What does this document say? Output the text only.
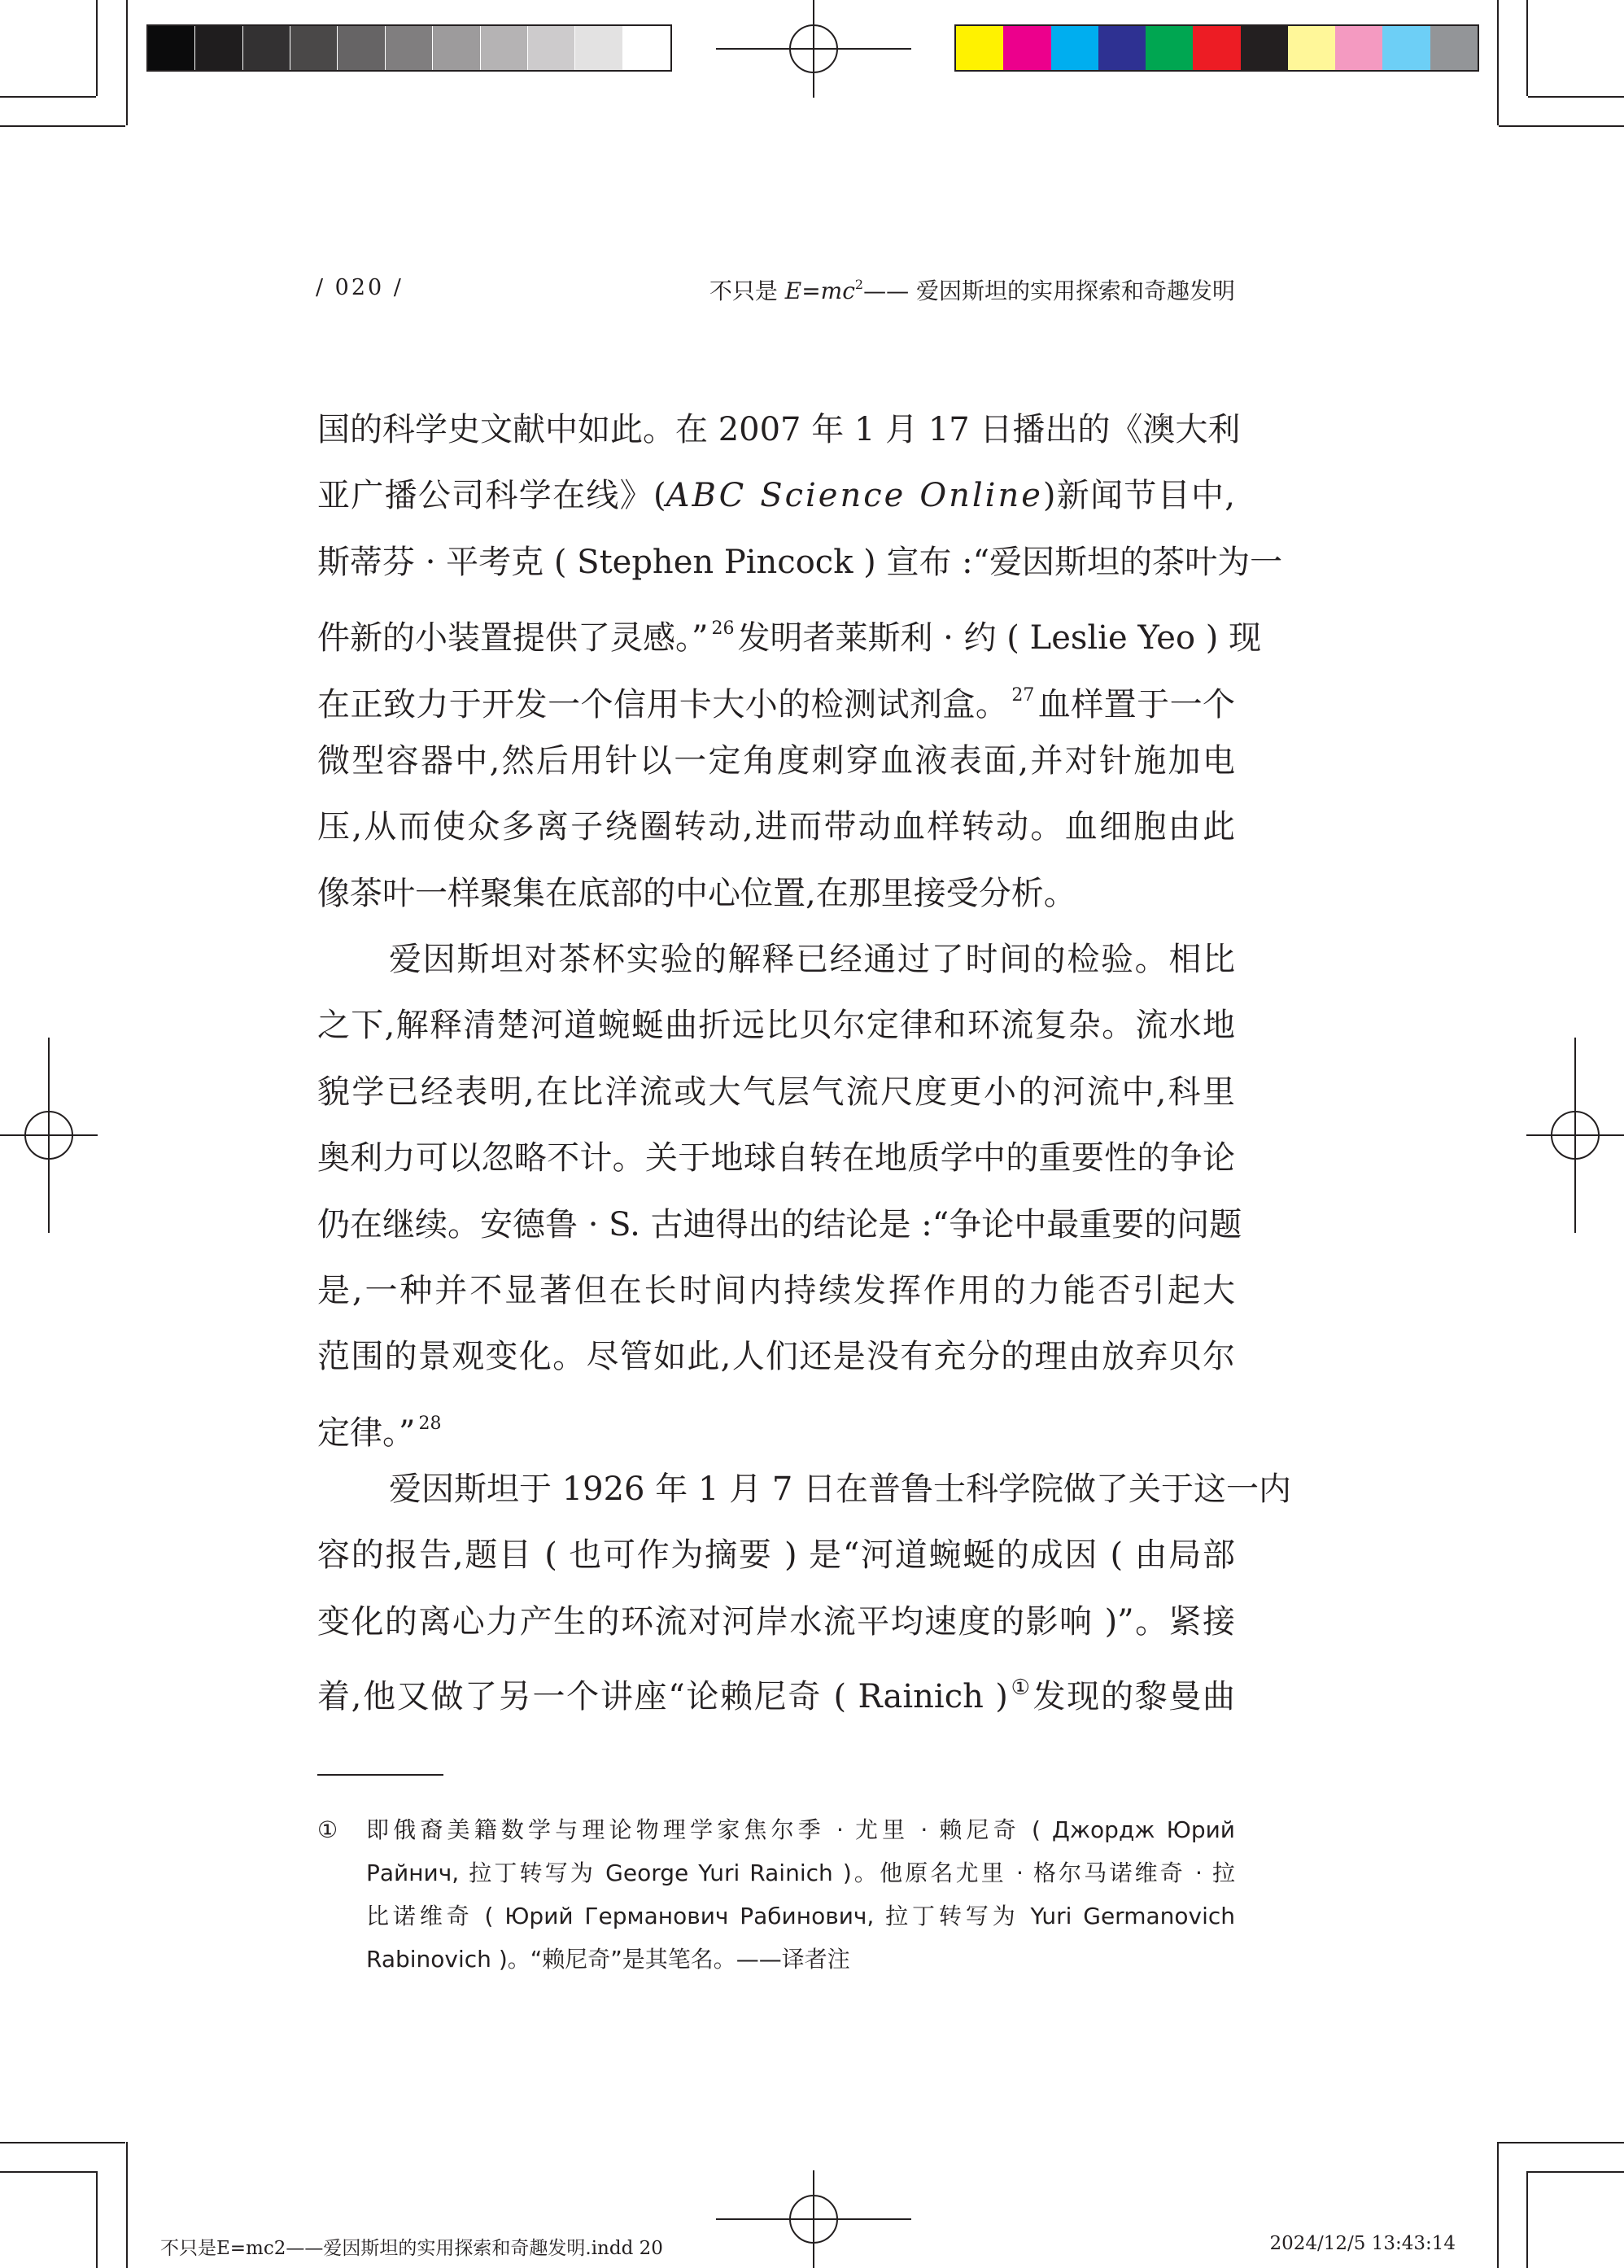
/ 020 /	不只是 $E=mc^2——$ 爱因斯坦的实用探索和奇趣发明
国的科学史文献中如此。在 2007 年 1 月 17 日播出的《澳大利
亚广播公司科学在线》(ABC Science Online)新闻节目中,
斯蒂芬 · 平考克 ( Stephen Pincock ) 宣布 :“爱因斯坦的茶叶为一
件新的小装置提供了灵感。” $^{26}$ 发明者莱斯利 · 约 ( Leslie Yeo ) 现
在正致力于开发一个信用卡大小的检测试剂盒。 $^{27}$ 血样置于一个
微型容器中,然后用针以一定角度刺穿血液表面,并对针施加电
压,从而使众多离子绕圈转动,进而带动血样转动。血细胞由此
像茶叶一样聚集在底部的中心位置,在那里接受分析。
爱因斯坦对茶杯实验的解释已经通过了时间的检验。相比
之下,解释清楚河道蜿蜒曲折远比贝尔定律和环流复杂。流水地
貌学已经表明,在比洋流或大气层气流尺度更小的河流中,科里
奥利力可以忽略不计。关于地球自转在地质学中的重要性的争论
仍在继续。安德鲁 · S. 古迪得出的结论是 :“争论中最重要的问题
是,一种并不显著但在长时间内持续发挥作用的力能否引起大
范围的景观变化。尽管如此,人们还是没有充分的理由放弃贝尔
定律。” $^{28}$
爱因斯坦于 1926 年 1 月 7 日在普鲁士科学院做了关于这一内
容的报告,题目 ( 也可作为摘要 ) 是“河道蜿蜒的成因 ( 由局部
变化的离心力产生的环流对河岸水流平均速度的影响 )”。紧接
着,他又做了另一个讲座“论赖尼奇 ( Rainich )①发现的黎曼曲
①	即俄裔美籍数学与理论物理学家焦尔季 · 尤里 · 赖尼奇 ( Джордж Юрий
Райнич, 拉丁转写为 George Yuri Rainich )。他原名尤里 · 格尔马诺维奇 · 拉
比诺维奇 ( Юрий Германович Рабинович, 拉丁转写为 Yuri Germanovich
Rabinovich )。“赖尼奇”是其笔名。——译者注
不只是E=mc2——爱因斯坦的实用探索和奇趣发明.indd 20	2024/12/5 13:43:14
